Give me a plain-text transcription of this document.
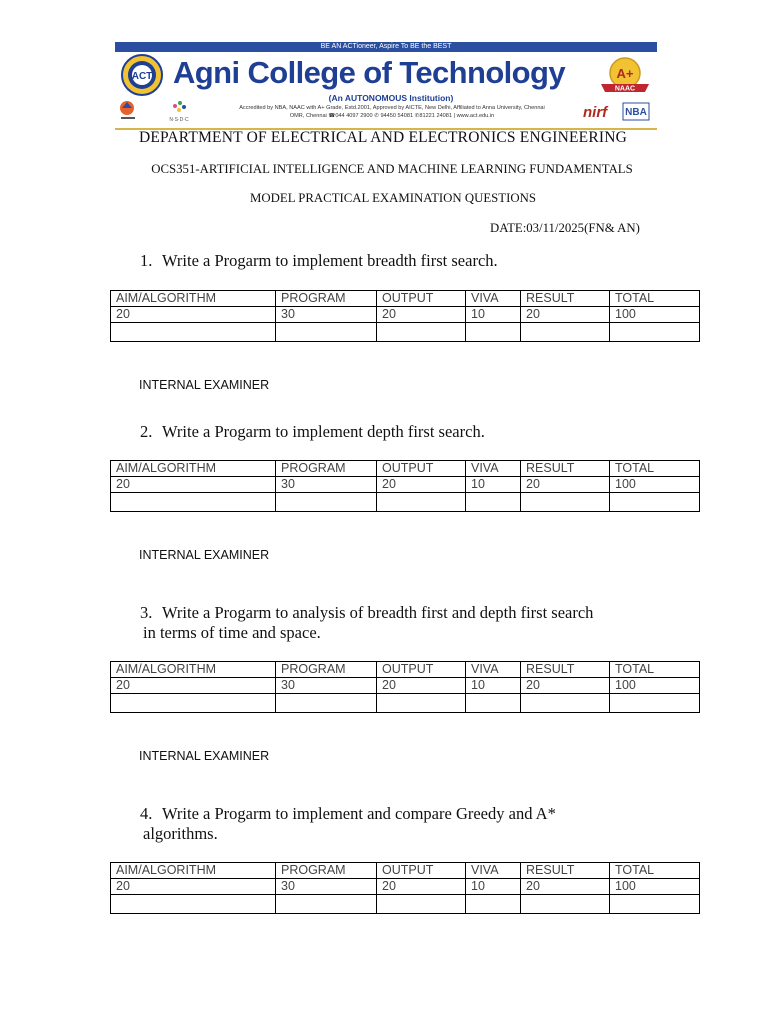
BE AN ACTioneer, Aspire To BE the BEST
ACT Agni College of Technology
(An AUTONOMOUS Institution)
Accredited by NBA, NAAC with A+ Grade, Estd.2001, Approved by AICTE, New Delhi, Affiliated to Anna University, Chennai
OMR, Chennai ☎044 4097 2900 ✆ 94450 54081 ✆81221 24081 | www.act.edu.in
A+
NAAC
N·S·D·C	nirf NBA
DEPARTMENT OF ELECTRICAL AND ELECTRONICS ENGINEERING
OCS351-ARTIFICIAL INTELLIGENCE AND MACHINE LEARNING FUNDAMENTALS
MODEL PRACTICAL EXAMINATION QUESTIONS
DATE:03/11/2025(FN& AN)
1. Write a Progarm to implement breadth first search.
AIM/ALGORITHM	PROGRAM	OUTPUT	VIVA	RESULT	TOTAL
20	30	20	10	20	100

INTERNAL EXAMINER
2. Write a Progarm to implement depth first search.
AIM/ALGORITHM	PROGRAM	OUTPUT	VIVA	RESULT	TOTAL
20	30	20	10	20	100

INTERNAL EXAMINER
3. Write a Progarm to analysis of breadth first and depth first search
in terms of time and space.
AIM/ALGORITHM	PROGRAM	OUTPUT	VIVA	RESULT	TOTAL
20	30	20	10	20	100

INTERNAL EXAMINER
4. Write a Progarm to implement and compare Greedy and A*
algorithms.
AIM/ALGORITHM	PROGRAM	OUTPUT	VIVA	RESULT	TOTAL
20	30	20	10	20	100
